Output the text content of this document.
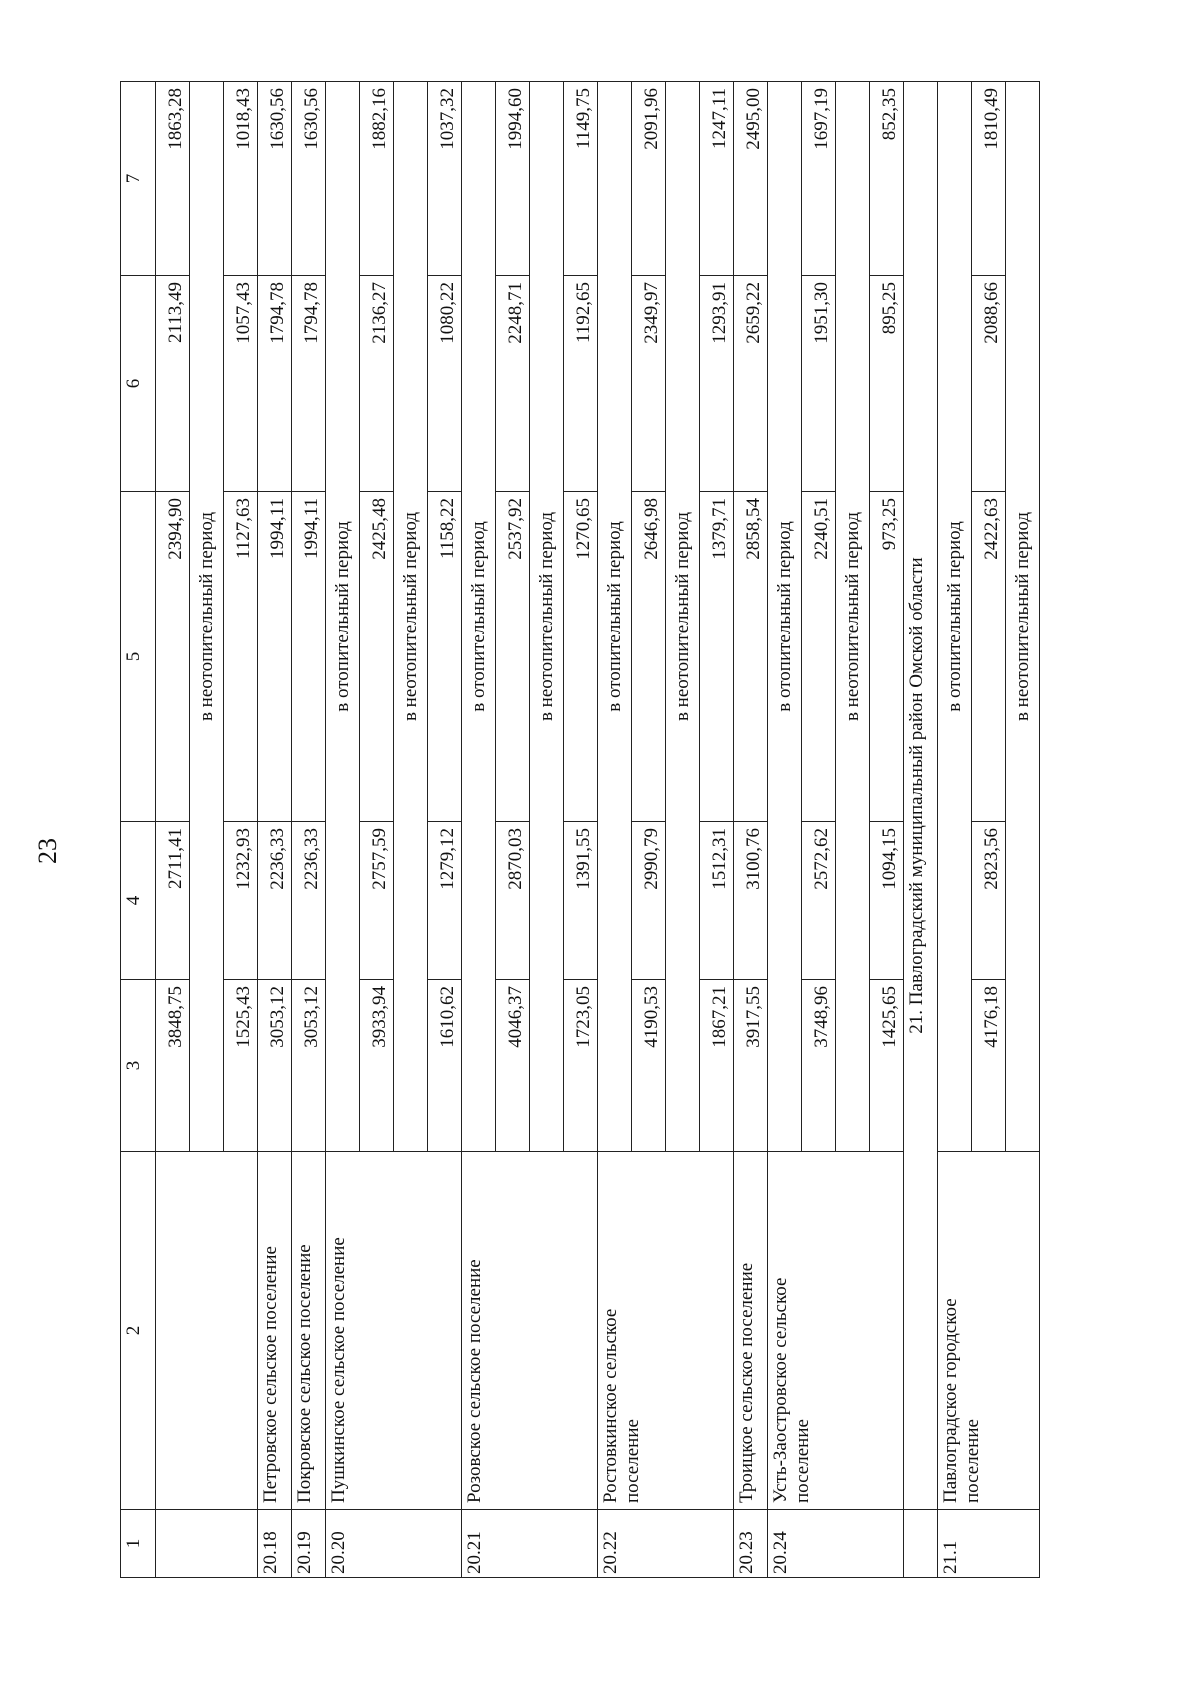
23
1	2	3	4	5	6	7
		3848,75	2711,41	2394,90	2113,49	1863,28
		в неотопительный период				
		1525,43	1232,93	1127,63	1057,43	1018,43
20.18	Петровское сельское поселение	3053,12	2236,33	1994,11	1794,78	1630,56
20.19	Покровское сельское поселение	3053,12	2236,33	1994,11	1794,78	1630,56
20.20	Пушкинское сельское поселение	в отопительный период				
		3933,94	2757,59	2425,48	2136,27	1882,16
		в неотопительный период				
		1610,62	1279,12	1158,22	1080,22	1037,32
20.21	Розовское сельское поселение	в отопительный период				
		4046,37	2870,03	2537,92	2248,71	1994,60
		в неотопительный период				
		1723,05	1391,55	1270,65	1192,65	1149,75
20.22	Ростовкинское сельское поселение	в отопительный период				
		4190,53	2990,79	2646,98	2349,97	2091,96
		в неотопительный период				
		1867,21	1512,31	1379,71	1293,91	1247,11
20.23	Троицкое сельское поселение	3917,55	3100,76	2858,54	2659,22	2495,00
20.24	Усть-Заостровское сельское поселение	в отопительный период				
		3748,96	2572,62	2240,51	1951,30	1697,19
		в неотопительный период				
		1425,65	1094,15	973,25	895,25	852,35
	21. Павлоградский муниципальный район Омской области					
21.1	Павлоградское городское поселение	в отопительный период				
		4176,18	2823,56	2422,63	2088,66	1810,49
		в неотопительный период				
